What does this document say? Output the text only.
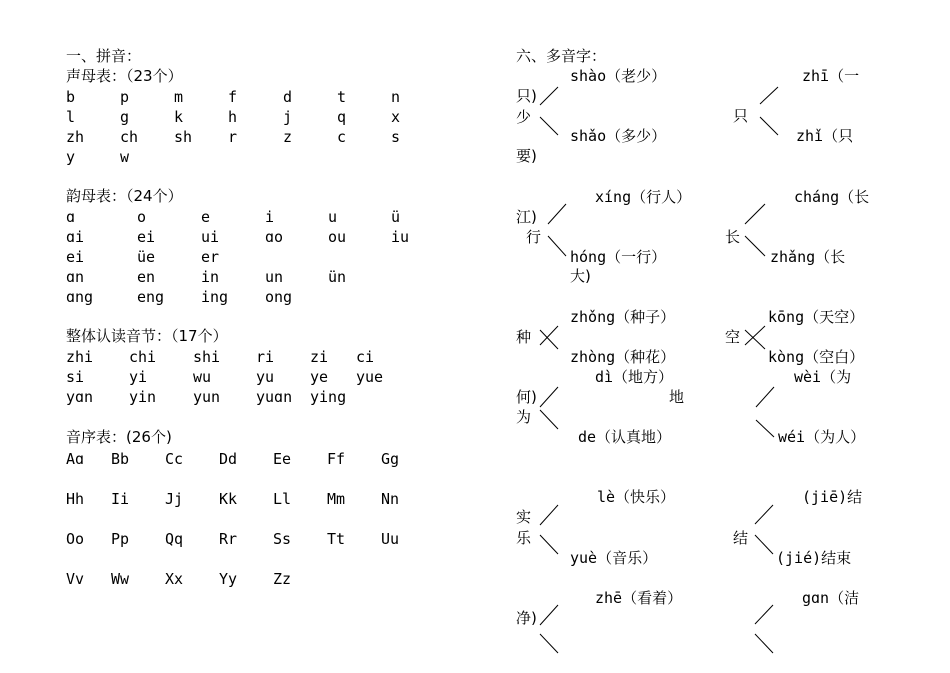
一、拼音：
声母表：（23个）
b	p	m	f	d	t	n
l	g	k	h	j	q	x
zh ch sh r	z	c	s
y	w
韵母表：（24个）
ɑ	o	e	i	u	ü
ɑi	ei	ui	ɑo	ou	iu
ei	üe	er
ɑn	en	in	un	ün
ɑng	eng ing ong
整体认读音节：（17个）
zhi chi shi ri zi ci
si	yi	wu	yu ye yue
yɑn yin yun yuɑn ying
音序表：(26个)
Aɑ Bb Cc Dd Ee Ff Gg
Hh Ii Jj Kk Ll Mm Nn
Oo Pp Qq Rr Ss Tt Uu
Vv Ww Xx Yy Zz
六、多音字：
shào（老少）
只)
少
shǎo（多少）
要)
zhī（一
只
zhǐ（只
xíng（行人）
江)
行
hóng（一行）
大)
cháng（长
长
zhǎng（长
zhǒng（种子）
种
zhòng（种花）
kōng（天空）
空
kòng（空白）
dì（地方）
何)	地
为
de（认真地）
wèi（为
wéi（为人）
lè（快乐）
实
乐
yuè（音乐）
(jiē)结
结
(jié)结束
zhē（看着）
净)
gɑn（洁
